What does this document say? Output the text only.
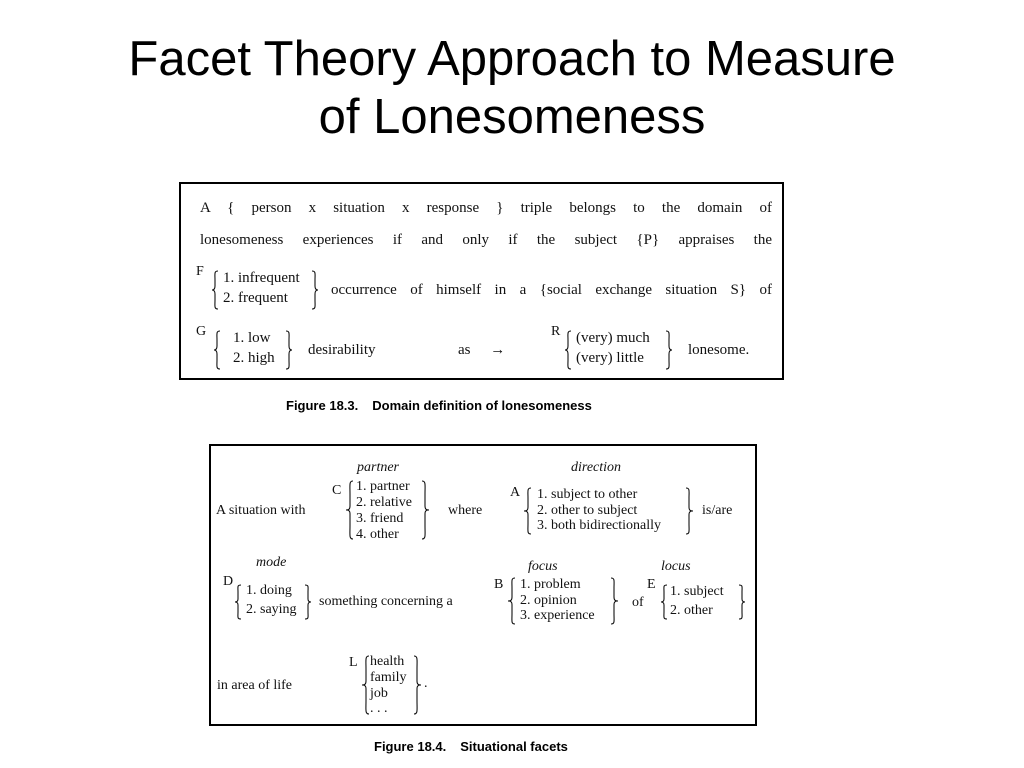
Facet Theory Approach to Measure
of Lonesomeness
A { person x situation x response } triple belongs to the domain of
lonesomeness experiences if and only if the subject {P} appraises the
F 1. infrequent
2. frequent	occurrence of himself in a {social exchange situation S} of
G 1. low
2. high desirability	as →
R (very) much
(very) little	lonesome.
Figure 18.3. Domain definition of lonesomeness
partner	direction
A situation with
C 1. partner
2. relative
3. friend
4. other
where
A 1. subject to other
2. other to subject
3. both bidirectionally
is/are
mode	focus	locus
D
1. doing
2. saying
something concerning a
B 1. problem
2. opinion
3. experience
of
E 1. subject
2. other
in area of life
L health
family
job
. . .
.
Figure 18.4. Situational facets
